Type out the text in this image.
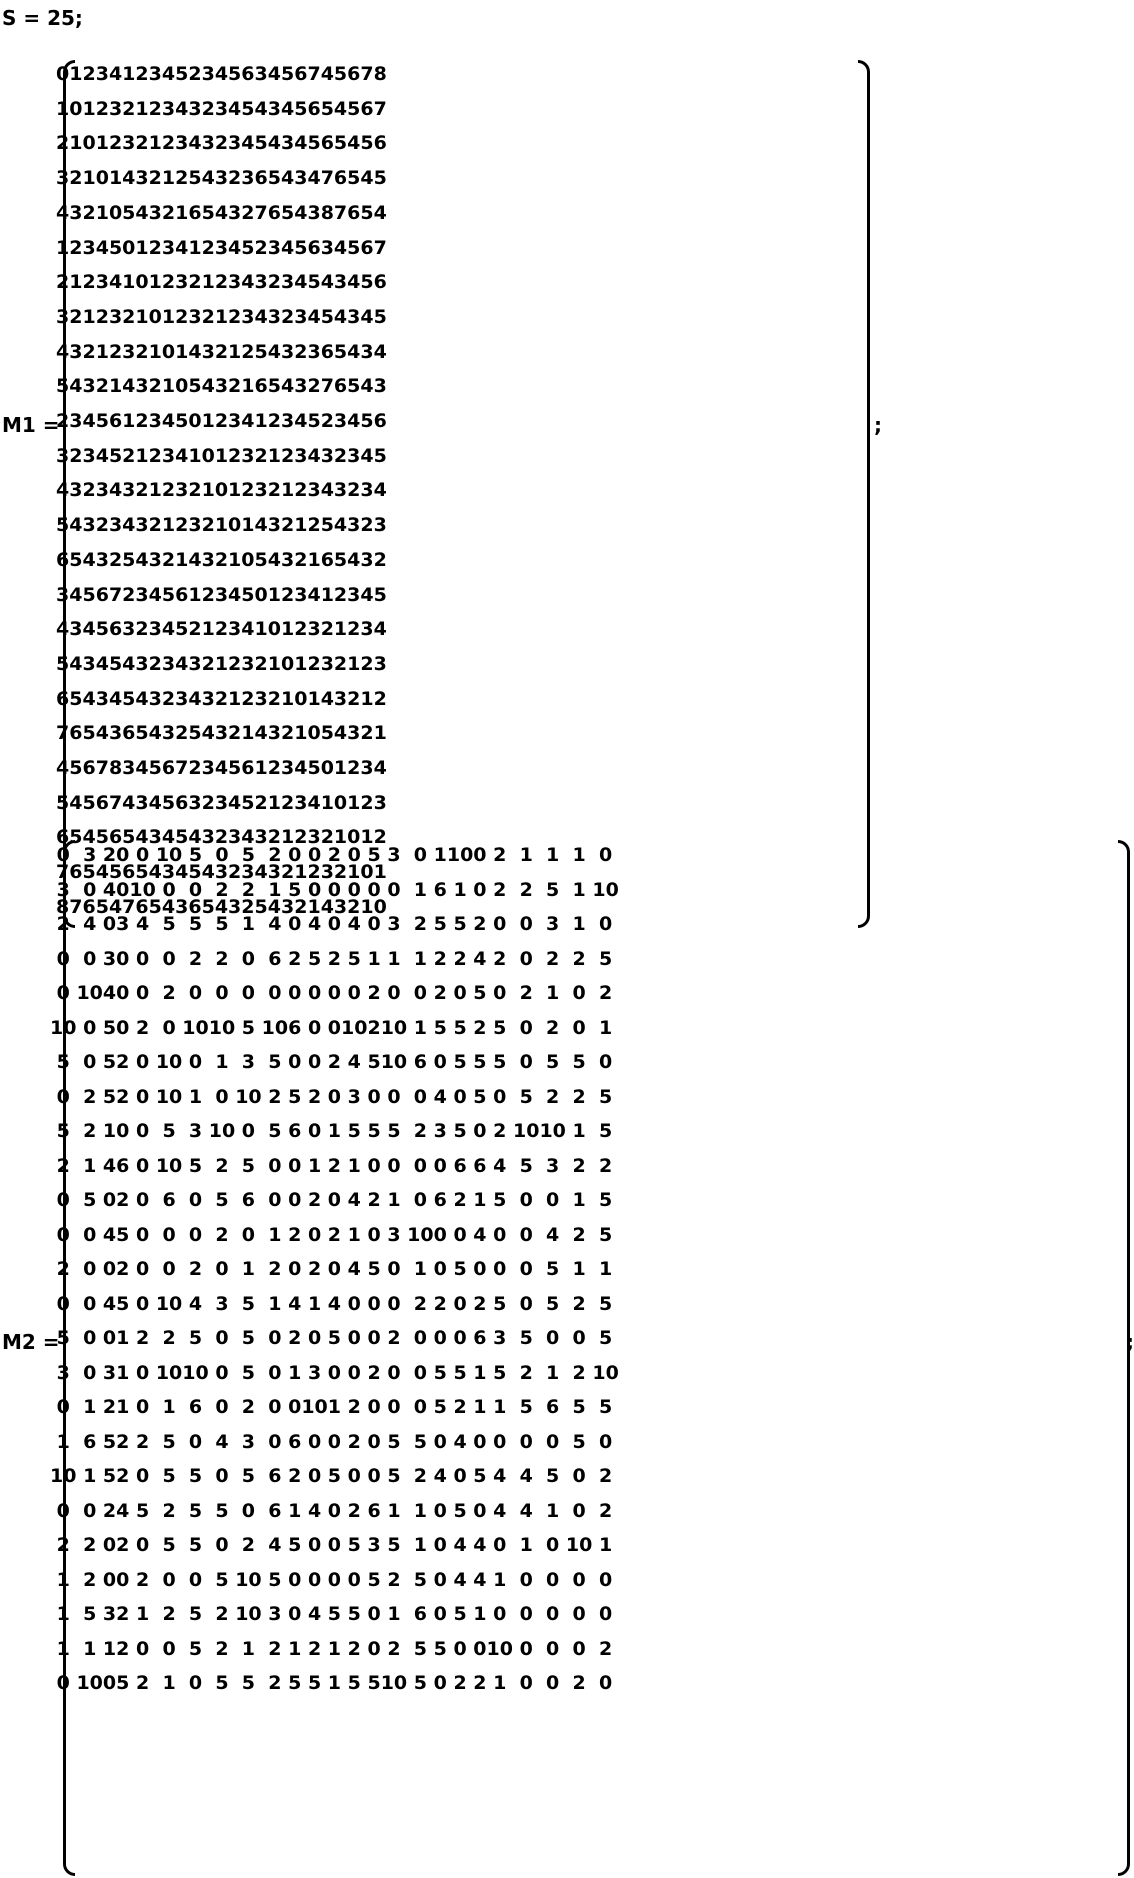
S = 25;
M1 =
0	1	2	3	4	1	2	3	4	5	2	3	4	5	6	3	4	5	6	7	4	5	6	7	8
1	0	1	2	3	2	1	2	3	4	3	2	3	4	5	4	3	4	5	6	5	4	5	6	7
2	1	0	1	2	3	2	1	2	3	4	3	2	3	4	5	4	3	4	5	6	5	4	5	6
3	2	1	0	1	4	3	2	1	2	5	4	3	2	3	6	5	4	3	4	7	6	5	4	5
4	3	2	1	0	5	4	3	2	1	6	5	4	3	2	7	6	5	4	3	8	7	6	5	4
1	2	3	4	5	0	1	2	3	4	1	2	3	4	5	2	3	4	5	6	3	4	5	6	7
2	1	2	3	4	1	0	1	2	3	2	1	2	3	4	3	2	3	4	5	4	3	4	5	6
3	2	1	2	3	2	1	0	1	2	3	2	1	2	3	4	3	2	3	4	5	4	3	4	5
4	3	2	1	2	3	2	1	0	1	4	3	2	1	2	5	4	3	2	3	6	5	4	3	4
5	4	3	2	1	4	3	2	1	0	5	4	3	2	1	6	5	4	3	2	7	6	5	4	3
2	3	4	5	6	1	2	3	4	5	0	1	2	3	4	1	2	3	4	5	2	3	4	5	6
3	2	3	4	5	2	1	2	3	4	1	0	1	2	3	2	1	2	3	4	3	2	3	4	5
4	3	2	3	4	3	2	1	2	3	2	1	0	1	2	3	2	1	2	3	4	3	2	3	4
5	4	3	2	3	4	3	2	1	2	3	2	1	0	1	4	3	2	1	2	5	4	3	2	3
6	5	4	3	2	5	4	3	2	1	4	3	2	1	0	5	4	3	2	1	6	5	4	3	2
3	4	5	6	7	2	3	4	5	6	1	2	3	4	5	0	1	2	3	4	1	2	3	4	5
4	3	4	5	6	3	2	3	4	5	2	1	2	3	4	1	0	1	2	3	2	1	2	3	4
5	4	3	4	5	4	3	2	3	4	3	2	1	2	3	2	1	0	1	2	3	2	1	2	3
6	5	4	3	4	5	4	3	2	3	4	3	2	1	2	3	2	1	0	1	4	3	2	1	2
7	6	5	4	3	6	5	4	3	2	5	4	3	2	1	4	3	2	1	0	5	4	3	2	1
4	5	6	7	8	3	4	5	6	7	2	3	4	5	6	1	2	3	4	5	0	1	2	3	4
5	4	5	6	7	4	3	4	5	6	3	2	3	4	5	2	1	2	3	4	1	0	1	2	3
6	5	4	5	6	5	4	3	4	5	4	3	2	3	4	3	2	1	2	3	2	1	0	1	2
7	6	5	4	5	6	5	4	3	4	5	4	3	2	3	4	3	2	1	2	3	2	1	0	1
8	7	6	5	4	7	6	5	4	3	6	5	4	3	2	5	4	3	2	1	4	3	2	1	0
;
M2 =
0	3	2	0	0	10	5	0	5	2	0	0	2	0	5	3	0	1	10	0	2	1	1	1	0
3	0	4	0	10	0	0	2	2	1	5	0	0	0	0	0	1	6	1	0	2	2	5	1	10
2	4	0	3	4	5	5	5	1	4	0	4	0	4	0	3	2	5	5	2	0	0	3	1	0
0	0	3	0	0	0	2	2	0	6	2	5	2	5	1	1	1	2	2	4	2	0	2	2	5
0	10	4	0	0	2	0	0	0	0	0	0	0	0	2	0	0	2	0	5	0	2	1	0	2
10	0	5	0	2	0	10	10	5	10	6	0	0	10	2	10	1	5	5	2	5	0	2	0	1
5	0	5	2	0	10	0	1	3	5	0	0	2	4	5	10	6	0	5	5	5	0	5	5	0
0	2	5	2	0	10	1	0	10	2	5	2	0	3	0	0	0	4	0	5	0	5	2	2	5
5	2	1	0	0	5	3	10	0	5	6	0	1	5	5	5	2	3	5	0	2	10	10	1	5
2	1	4	6	0	10	5	2	5	0	0	1	2	1	0	0	0	0	6	6	4	5	3	2	2
0	5	0	2	0	6	0	5	6	0	0	2	0	4	2	1	0	6	2	1	5	0	0	1	5
0	0	4	5	0	0	0	2	0	1	2	0	2	1	0	3	10	0	0	4	0	0	4	2	5
2	0	0	2	0	0	2	0	1	2	0	2	0	4	5	0	1	0	5	0	0	0	5	1	1
0	0	4	5	0	10	4	3	5	1	4	1	4	0	0	0	2	2	0	2	5	0	5	2	5
5	0	0	1	2	2	5	0	5	0	2	0	5	0	0	2	0	0	0	6	3	5	0	0	5
3	0	3	1	0	10	10	0	5	0	1	3	0	0	2	0	0	5	5	1	5	2	1	2	10
0	1	2	1	0	1	6	0	2	0	0	10	1	2	0	0	0	5	2	1	1	5	6	5	5
1	6	5	2	2	5	0	4	3	0	6	0	0	2	0	5	5	0	4	0	0	0	0	5	0
10	1	5	2	0	5	5	0	5	6	2	0	5	0	0	5	2	4	0	5	4	4	5	0	2
0	0	2	4	5	2	5	5	0	6	1	4	0	2	6	1	1	0	5	0	4	4	1	0	2
2	2	0	2	0	5	5	0	2	4	5	0	0	5	3	5	1	0	4	4	0	1	0	10	1
1	2	0	0	2	0	0	5	10	5	0	0	0	0	5	2	5	0	4	4	1	0	0	0	0
1	5	3	2	1	2	5	2	10	3	0	4	5	5	0	1	6	0	5	1	0	0	0	0	0
1	1	1	2	0	0	5	2	1	2	1	2	1	2	0	2	5	5	0	0	10	0	0	0	2
0	10	0	5	2	1	0	5	5	2	5	5	1	5	5	10	5	0	2	2	1	0	0	2	0
;
